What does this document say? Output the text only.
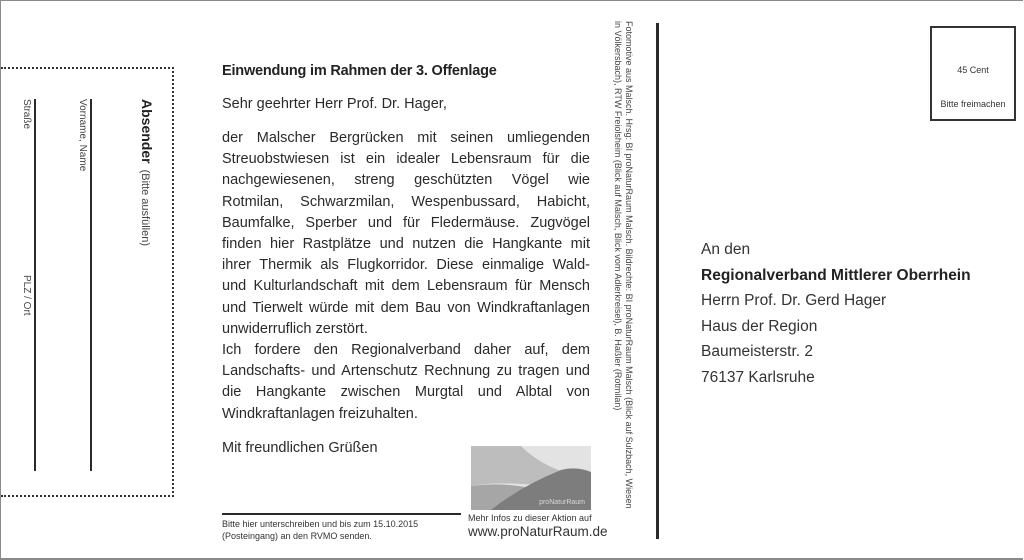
Absender(Bitte ausfüllen)
Vorname, Name
Straße
PLZ / Ort

Einwendung im Rahmen der 3. Offenlage

Sehr geehrter Herr Prof. Dr. Hager,

der Malscher Bergrücken mit seinen umliegenden Streuobstwiesen ist ein idealer Lebensraum für die nachgewiesenen, streng geschützten Vögel wie Rotmilan, Schwarzmilan, Wespenbussard, Habicht, Baumfalke, Sperber und für Fledermäuse. Zugvögel finden hier Rastplätze und nutzen die Hangkante mit ihrer Thermik als Flugkorridor. Diese einmalige Wald- und Kulturlandschaft mit dem Lebensraum für Mensch und Tierwelt würde mit dem Bau von Windkraftanlagen unwiderruflich zerstört.

Ich fordere den Regionalverband daher auf, dem Landschafts- und Artenschutz Rechnung zu tragen und die Hangkante zwischen Murgtal und Albtal von Windkraftanlagen freizuhalten.

Mit freundlichen Grüßen
Bitte hier unterschreiben und bis zum 15.10.2015 (Posteingang) an den RVMO senden.
proNaturRaum
Mehr Infos zu dieser Aktion auf
www.proNaturRaum.de
Fotomotive aus Malsch. Hrsg: BI proNaturRaum Malsch. Bildrechte: BI proNaturRaum Malsch (Blick auf Sulzbach, Wiesen
in Völkersbach), RTW Freiolsheim (Blick auf Malsch, Blick vom Adlerkreisel), B. Haßler (Rotmilan)	45 Cent
Bitte freimachen
An den
Regionalverband Mittlerer Oberrhein
Herrn Prof. Dr. Gerd Hager
Haus der Region
Baumeisterstr. 2
76137 Karlsruhe
